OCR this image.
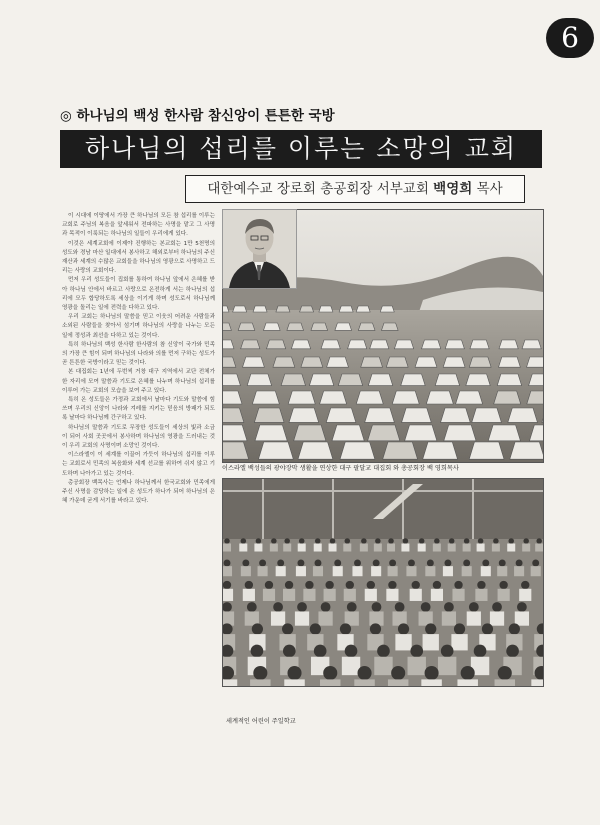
6
◎ 하나님의 백성 한사람 참신앙이 튼튼한 국방
하나님의 섭리를 이루는 소망의 교회
대한예수교 장로회 총공회장 서부교회 백영희 목사

이 시대에 이땅에서 가장 큰 하나님의 모든 참 섭리를 이루는 교회로 주님의 복음을 앞세워서 전파하는 사명을 맡고 그 사명과 목적이 이룩되는 하나님의 일들이 우리에게 있다.

이것은 세계교회에 이제야 진행하는 본교회는 1만 5천명의 성도와 경남 마산 일대에서 봉사하고 해외로부터 하나님의 주신 재산과 세계의 수많은 교회들을 하나님의 영광으로 사명하고 드리는 사랑의 교회이다.

먼저 우리 성도들이 집회를 통하여 하나님 앞에서 은혜를 받아 하나님 안에서 바르고 사랑으로 온전하게 서는 하나님의 섭리에 모두 합당하도록 세상을 이기게 하며 성도로서 하나님께 영광을 돌리는 일에 전력을 다하고 있다.

우리 교회는 하나님의 말씀을 믿고 이웃의 어려운 사람들과 소외된 사람들을 찾아서 섬기며 하나님의 사랑을 나누는 모든 일에 정성과 최선을 다하고 있는 것이다.

특히 하나님의 백성 한사람 한사람의 참 신앙이 국가와 민족의 가장 큰 힘이 되며 하나님의 나라와 의를 먼저 구하는 성도가 곧 튼튼한 국방이라고 믿는 것이다.

본 대집회는 1년에 두번씩 거창 대구 지역에서 교단 전체가 한 자리에 모여 말씀과 기도로 은혜를 나누며 하나님의 섭리를 이루어 가는 교회의 모습을 보여 주고 있다.

특히 온 성도들은 가정과 교회에서 날마다 기도와 말씀에 힘쓰며 우리의 신앙이 나라와 겨레를 지키는 믿음의 방패가 되도록 날마다 하나님께 간구하고 있다.

하나님의 말씀과 기도로 무장한 성도들이 세상의 빛과 소금이 되어 사회 곳곳에서 봉사하며 하나님의 영광을 드러내는 것이 우리 교회의 사명이며 소망인 것이다.

이스라엘이 이 세계를 이끌어 가듯이 하나님의 섭리를 이루는 교회로서 민족의 복음화와 세계 선교를 위하여 쉬지 않고 기도하며 나아가고 있는 것이다.

총공회장 백목사는 언제나 하나님께서 한국교회와 민족에게 주신 사명을 감당하는 일에 온 성도가 하나가 되어 하나님의 은혜 가운데 굳게 서기를 바라고 있다.

이스라엘 백성들의 광야장막 생활을 연상한 대구 팔달교 대집회 와 총공회장 백 영희목사
세계적인 어린이 주일학교
